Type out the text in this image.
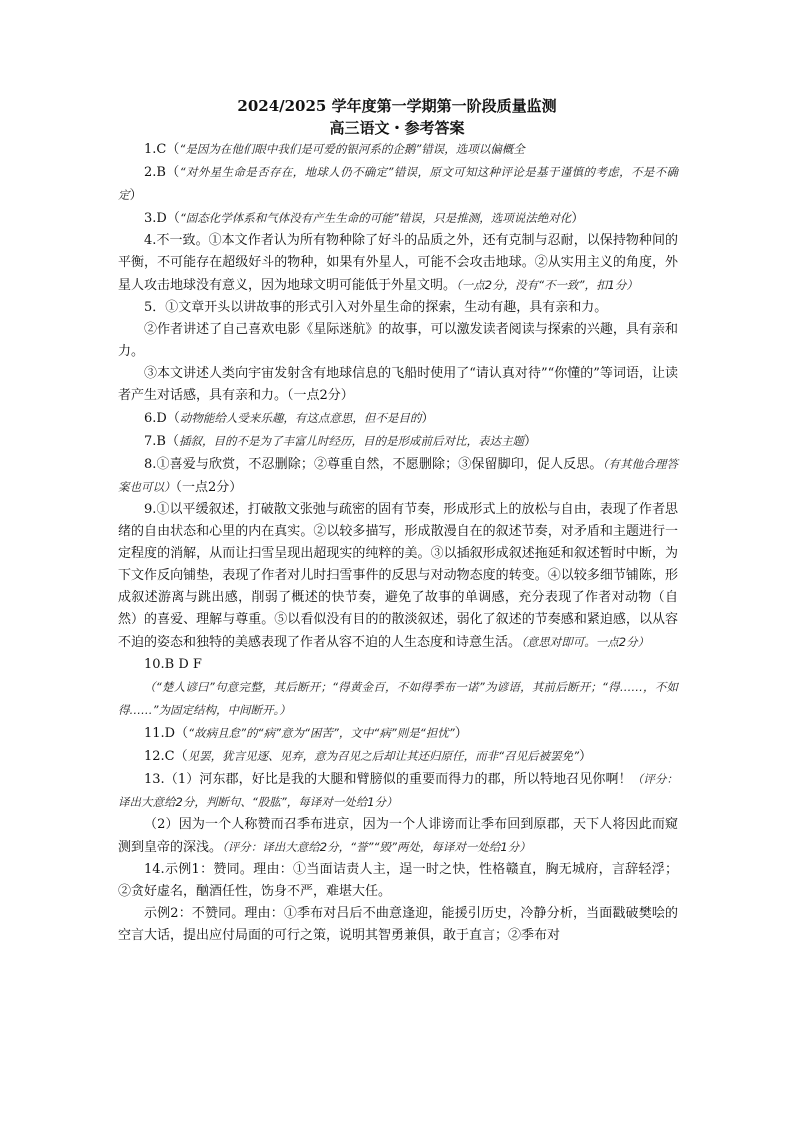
2024/2025 学年度第一学期第一阶段质量监测
高三语文・参考答案

1.C（“是因为在他们眼中我们是可爱的银河系的企鹅”错误，选项以偏概全

2.B（“对外星生命是否存在，地球人仍不确定”错误，原文可知这种评论是基于谨慎的考虑，不是不确定）

3.D（“固态化学体系和气体没有产生生命的可能”错误，只是推测，选项说法绝对化）

4.不一致。①本文作者认为所有物种除了好斗的品质之外，还有克制与忍耐，以保持物种间的平衡，不可能存在超级好斗的物种，如果有外星人，可能不会攻击地球。②从实用主义的角度，外星人攻击地球没有意义，因为地球文明可能低于外星文明。（一点2分，没有“不一致”，扣1分）

5．①文章开头以讲故事的形式引入对外星生命的探索，生动有趣，具有亲和力。

②作者讲述了自己喜欢电影《星际迷航》的故事，可以激发读者阅读与探索的兴趣，具有亲和力。

③本文讲述人类向宇宙发射含有地球信息的飞船时使用了“请认真对待”“你懂的”等词语，让读者产生对话感，具有亲和力。（一点2分）

6.D（动物能给人受来乐趣，有这点意思，但不是目的）

7.B（插叙，目的不是为了丰富儿时经历，目的是形成前后对比，表达主题）

8.①喜爱与欣赏，不忍删除；②尊重自然，不愿删除；③保留脚印，促人反思。（有其他合理答案也可以）（一点2分）

9.①以平缓叙述，打破散文张弛与疏密的固有节奏，形成形式上的放松与自由，表现了作者思绪的自由状态和心里的内在真实。②以较多描写，形成散漫自在的叙述节奏，对矛盾和主题进行一定程度的消解，从而让扫雪呈现出超现实的纯粹的美。③以插叙形成叙述拖延和叙述暂时中断，为下文作反向铺垫，表现了作者对儿时扫雪事件的反思与对动物态度的转变。④以较多细节铺陈，形成叙述游离与跳出感，削弱了概述的快节奏，避免了故事的单调感，充分表现了作者对动物（自然）的喜爱、理解与尊重。⑤以看似没有目的的散淡叙述，弱化了叙述的节奏感和紧迫感，以从容不迫的姿态和独特的美感表现了作者从容不迫的人生态度和诗意生活。（意思对即可。一点2分）

10.B D F

（“楚人谚曰”句意完整，其后断开；“得黄金百，不如得季布一诺”为谚语，其前后断开；“得……，不如得……”为固定结构，中间断开。）

11.D（“故病且怠”的“病”意为“困苦”，文中“病”则是“担忧”）

12.C（见罢，犹言见逐、见弃，意为召见之后却让其还归原任，而非“召见后被罢免”）

13.（1）河东郡，好比是我的大腿和臂膀似的重要而得力的郡，所以特地召见你啊！（评分：译出大意给2分，判断句、“股肱”，每译对一处给1分）

（2）因为一个人称赞而召季布进京，因为一个人诽谤而让季布回到原郡，天下人将因此而窥测到皇帝的深浅。（评分：译出大意给2分，“誉”“毁”两处，每译对一处给1分）

14.示例1：赞同。理由：①当面诘责人主，逞一时之快，性格赣直，胸无城府，言辞轻浮；②贪好虚名，酗酒任性，饬身不严，难堪大任。

示例2：不赞同。理由：①季布对吕后不曲意逢迎，能援引历史，冷静分析，当面戳破樊哙的空言大话，提出应付局面的可行之策，说明其智勇兼俱，敢于直言；②季布对
